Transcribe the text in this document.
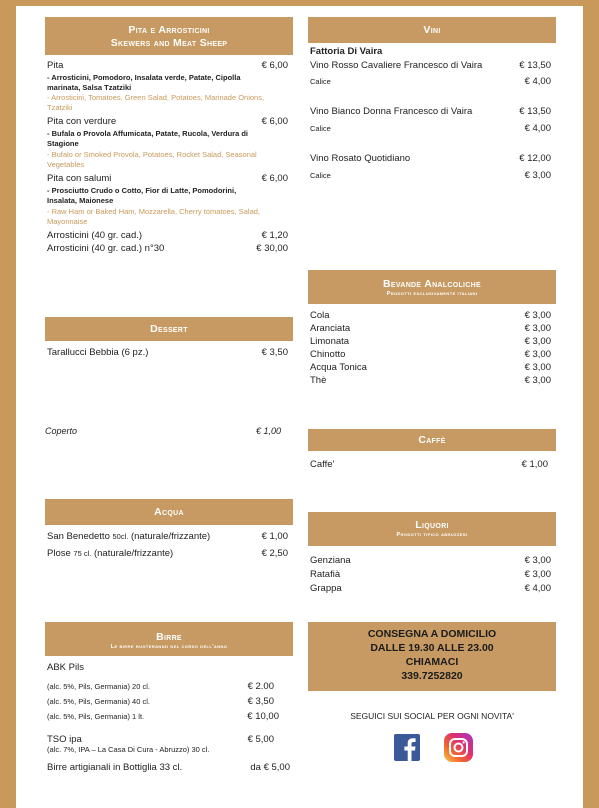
Pita e Arrosticini
Skewers and Meat Sheep
Pita	€ 6,00
- Arrosticini, Pomodoro, Insalata verde, Patate, Cipolla marinata, Salsa Tzatziki
- Arrosticini, Tomatoes, Green Salad, Potatoes, Marinade Onions, Tzatziki
Pita con verdure	€ 6,00
- Bufala o Provola Affumicata, Patate, Rucola, Verdura di Stagione
- Bufalo or Smoked Provola, Potatoes, Rocket Salad, Seasonal Vegetables
Pita con salumi	€ 6,00
- Prosciutto Crudo o Cotto, Fior di Latte, Pomodorini, Insalata, Maionese
- Raw Ham or Baked Ham, Mozzarella, Cherry tomatoes, Salad, Mayonnaise
Arrosticini (40 gr. cad.)	€ 1,20
Arrosticini (40 gr. cad.) n°30	€ 30,00
Dessert
Tarallucci Bebbia (6 pz.)	€ 3,50
Coperto	€ 1,00
Acqua
San Benedetto 50cl. (naturale/frizzante)	€ 1,00
Plose 75 cl. (naturale/frizzante)	€ 2,50
Birre
Le birre ruoteranno nel corso dell'anno
ABK Pils
(alc. 5%, Pils, Germania) 20 cl.	€ 2.00
(alc. 5%, Pils, Germania) 40 cl.	€ 3,50
(alc. 5%, Pils, Germania) 1 lt.	€ 10,00
TSO ipa	€ 5,00
(alc. 7%, IPA – La Casa Di Cura - Abruzzo) 30 cl.
Birre artigianali in Bottiglia 33 cl.	da € 5,00
Vini
Fattoria Di Vaira
Vino Rosso Cavaliere Francesco di Vaira	€ 13,50
Calice	€ 4,00
Vino Bianco Donna Francesco di Vaira	€ 13,50
Calice	€ 4,00
Vino Rosato Quotidiano	€ 12,00
Calice	€ 3,00
Bevande Analcoliche
Prodotti esclusivamente italiani
Cola	€ 3,00
Aranciata	€ 3,00
Limonata	€ 3,00
Chinotto	€ 3,00
Acqua Tonica	€ 3,00
Thè	€ 3,00
Caffè
Caffe'	€ 1,00
Liquori
Prodotti tipico abruzzesi
Genziana	€ 3,00
Ratafià	€ 3,00
Grappa	€ 4,00
CONSEGNA A DOMICILIO
DALLE 19.30 ALLE 23.00
CHIAMACI
339.7252820
SEGUICI SUI SOCIAL PER OGNI NOVITA'
